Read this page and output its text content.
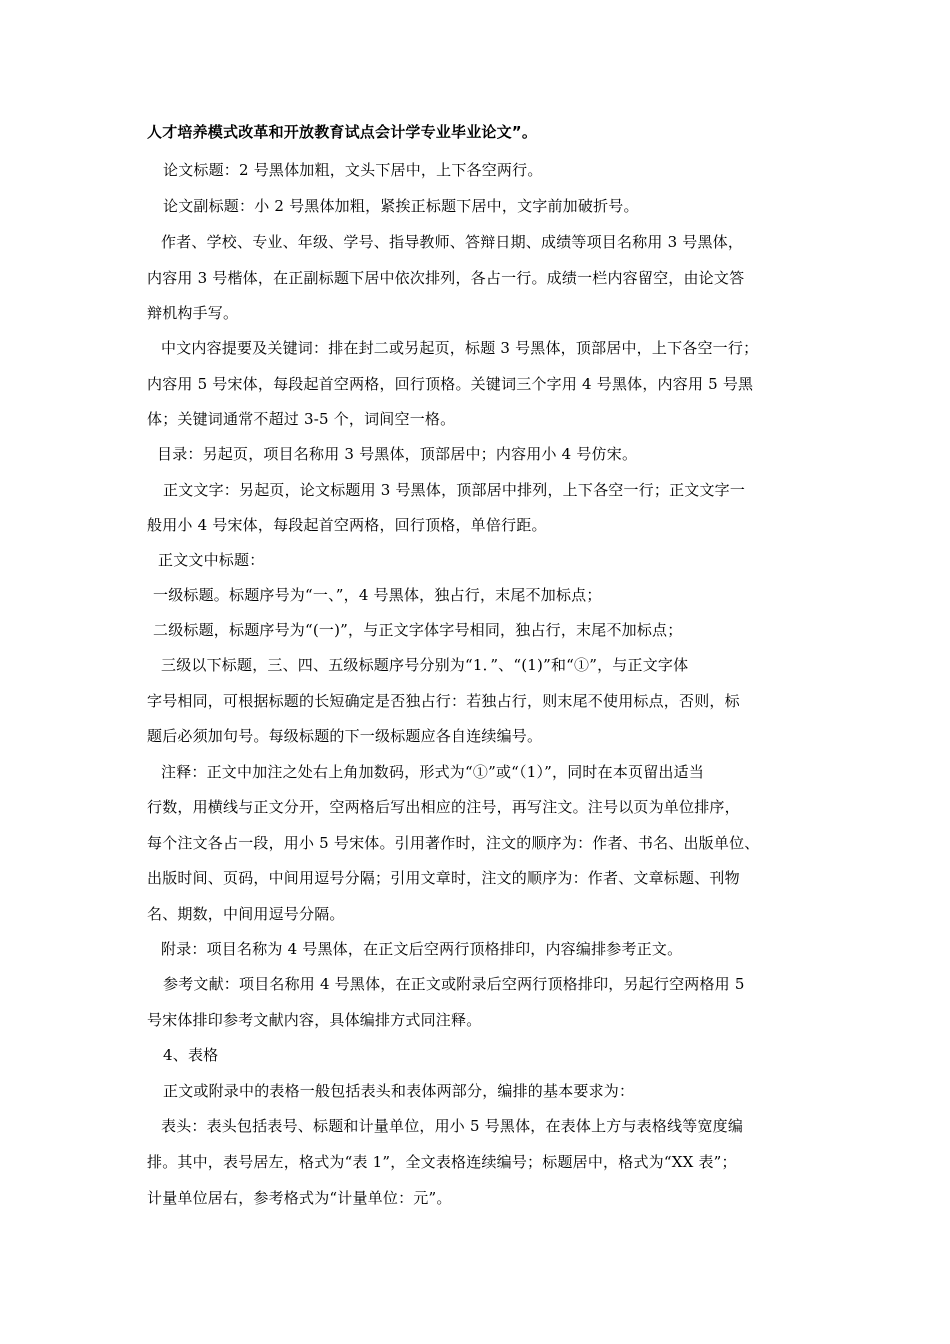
人才培养模式改革和开放教育试点会计学专业毕业论文”。
论文标题：2 号黑体加粗，文头下居中，上下各空两行。
论文副标题：小 2 号黑体加粗，紧挨正标题下居中，文字前加破折号。
作者、学校、专业、年级、学号、指导教师、答辩日期、成绩等项目名称用 3 号黑体，
内容用 3 号楷体，在正副标题下居中依次排列，各占一行。成绩一栏内容留空，由论文答
辩机构手写。
中文内容提要及关键词：排在封二或另起页，标题 3 号黑体，顶部居中，上下各空一行；
内容用 5 号宋体，每段起首空两格，回行顶格。关键词三个字用 4 号黑体，内容用 5 号黑
体；关键词通常不超过 3-5 个，词间空一格。
目录：另起页，项目名称用 3 号黑体，顶部居中；内容用小 4 号仿宋。
正文文字：另起页，论文标题用 3 号黑体，顶部居中排列，上下各空一行；正文文字一
般用小 4 号宋体，每段起首空两格，回行顶格，单倍行距。
正文文中标题：
一级标题。标题序号为“一、”，4 号黑体，独占行，末尾不加标点；
二级标题，标题序号为“(一)”，与正文字体字号相同，独占行，末尾不加标点；
三级以下标题，三、四、五级标题序号分别为“1．”、“(1)”和“①”，与正文字体
字号相同，可根据标题的长短确定是否独占行：若独占行，则末尾不使用标点，否则，标
题后必须加句号。每级标题的下一级标题应各自连续编号。
注释：正文中加注之处右上角加数码，形式为“①”或“（1）”，同时在本页留出适当
行数，用横线与正文分开，空两格后写出相应的注号，再写注文。注号以页为单位排序，
每个注文各占一段，用小 5 号宋体。引用著作时，注文的顺序为：作者、书名、出版单位、
出版时间、页码，中间用逗号分隔；引用文章时，注文的顺序为：作者、文章标题、刊物
名、期数，中间用逗号分隔。
附录：项目名称为 4 号黑体，在正文后空两行顶格排印，内容编排参考正文。
参考文献：项目名称用 4 号黑体，在正文或附录后空两行顶格排印，另起行空两格用 5
号宋体排印参考文献内容，具体编排方式同注释。
4、表格
正文或附录中的表格一般包括表头和表体两部分，编排的基本要求为：
表头：表头包括表号、标题和计量单位，用小 5 号黑体，在表体上方与表格线等宽度编
排。其中，表号居左，格式为“表 1”，全文表格连续编号；标题居中，格式为“XX 表”；
计量单位居右，参考格式为“计量单位：元”。
